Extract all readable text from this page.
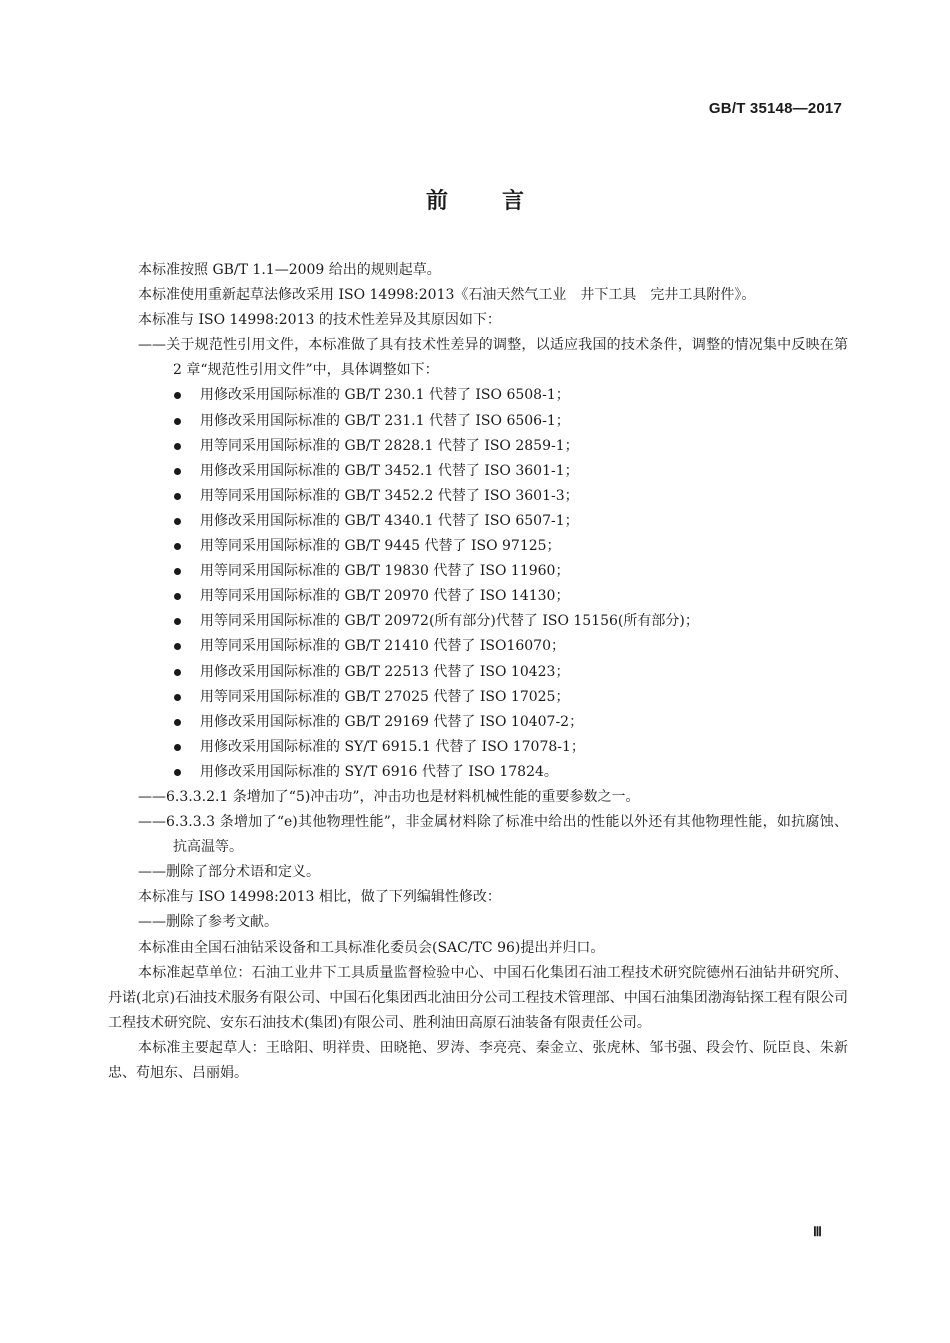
GB/T 35148—2017
前言
本标准按照 GB/T 1.1—2009 给出的规则起草。
本标准使用重新起草法修改采用 ISO 14998:2013《石油天然气工业　井下工具　完井工具附件》。
本标准与 ISO 14998:2013 的技术性差异及其原因如下：
——关于规范性引用文件，本标准做了具有技术性差异的调整，以适应我国的技术条件，调整的情况集中反映在第 2 章“规范性引用文件”中，具体调整如下：
用修改采用国际标准的 GB/T 230.1 代替了 ISO 6508-1；
用修改采用国际标准的 GB/T 231.1 代替了 ISO 6506-1；
用等同采用国际标准的 GB/T 2828.1 代替了 ISO 2859-1；
用修改采用国际标准的 GB/T 3452.1 代替了 ISO 3601-1；
用等同采用国际标准的 GB/T 3452.2 代替了 ISO 3601-3；
用修改采用国际标准的 GB/T 4340.1 代替了 ISO 6507-1；
用等同采用国际标准的 GB/T 9445 代替了 ISO 97125；
用等同采用国际标准的 GB/T 19830 代替了 ISO 11960；
用等同采用国际标准的 GB/T 20970 代替了 ISO 14130；
用等同采用国际标准的 GB/T 20972(所有部分)代替了 ISO 15156(所有部分)；
用等同采用国际标准的 GB/T 21410 代替了 ISO16070；
用修改采用国际标准的 GB/T 22513 代替了 ISO 10423；
用等同采用国际标准的 GB/T 27025 代替了 ISO 17025；
用修改采用国际标准的 GB/T 29169 代替了 ISO 10407-2；
用修改采用国际标准的 SY/T 6915.1 代替了 ISO 17078-1；
用修改采用国际标准的 SY/T 6916 代替了 ISO 17824。
——6.3.3.2.1 条增加了“5)冲击功”，冲击功也是材料机械性能的重要参数之一。
——6.3.3.3 条增加了“e)其他物理性能”，非金属材料除了标准中给出的性能以外还有其他物理性能，如抗腐蚀、抗高温等。
——删除了部分术语和定义。
本标准与 ISO 14998:2013 相比，做了下列编辑性修改：
——删除了参考文献。
本标准由全国石油钻采设备和工具标准化委员会(SAC/TC 96)提出并归口。
本标准起草单位：石油工业井下工具质量监督检验中心、中国石化集团石油工程技术研究院德州石油钻井研究所、丹诺(北京)石油技术服务有限公司、中国石化集团西北油田分公司工程技术管理部、中国石油集团渤海钻探工程有限公司工程技术研究院、安东石油技术(集团)有限公司、胜利油田高原石油装备有限责任公司。
本标准主要起草人：王晗阳、明祥贵、田晓艳、罗涛、李亮亮、秦金立、张虎林、邹书强、段会竹、阮臣良、朱新忠、苟旭东、吕丽娟。
Ⅲ
